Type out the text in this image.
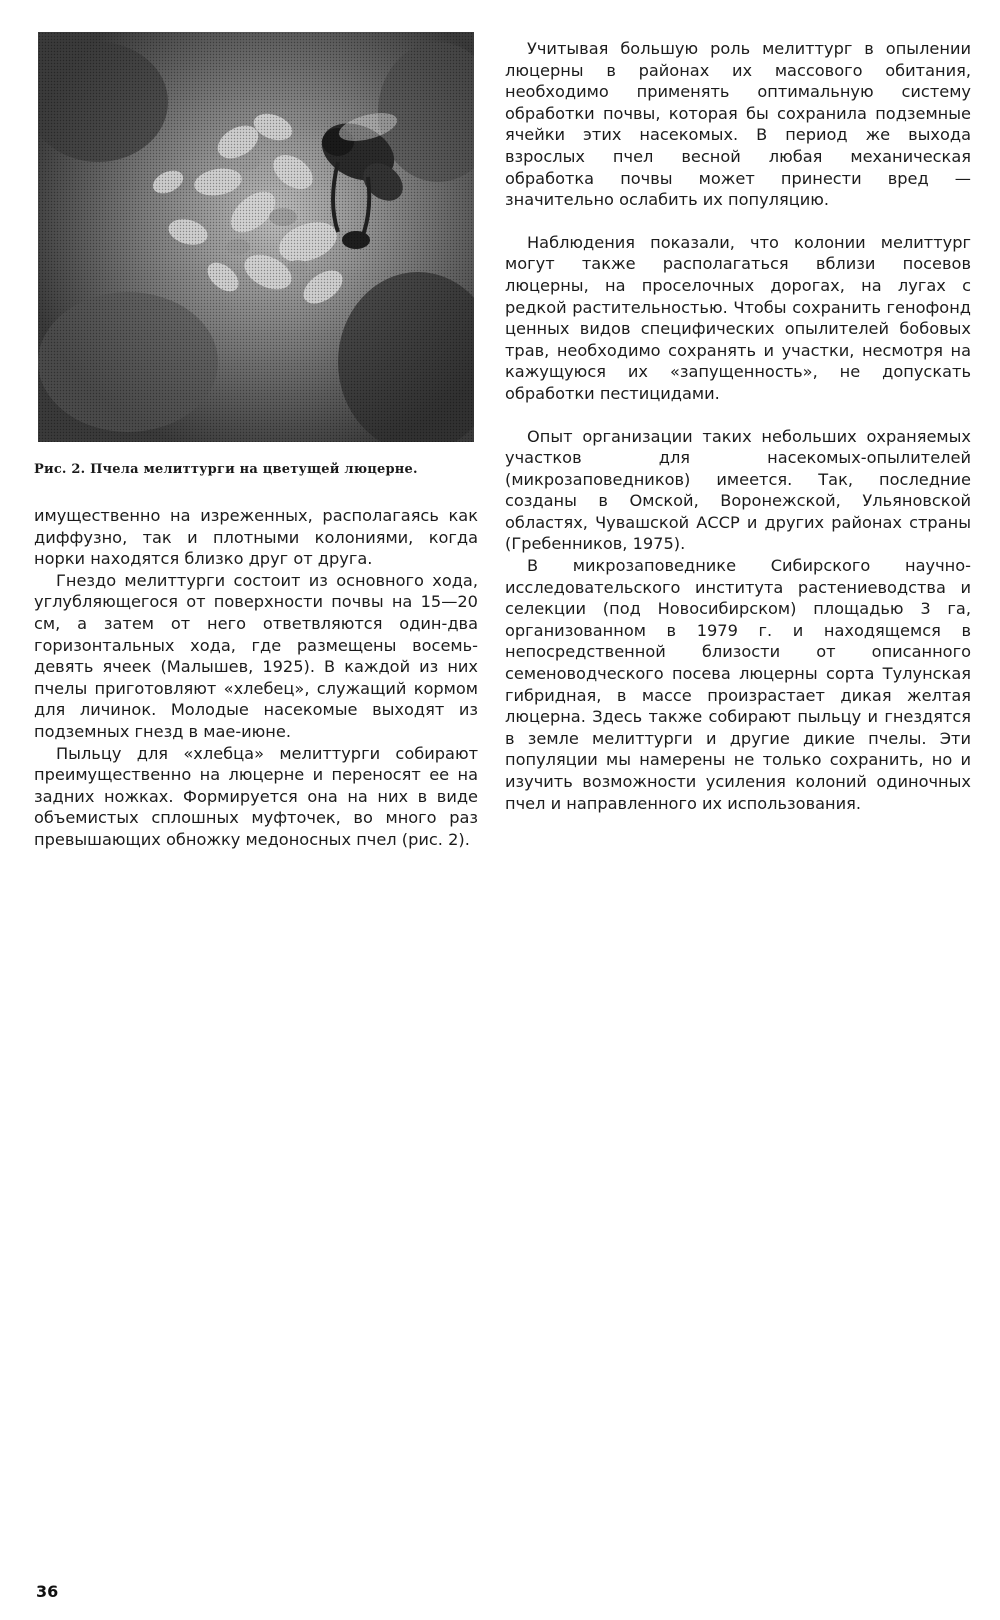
Рис. 2. Пчела мелиттурги на цветущей люцерне.

имущественно на изреженных, располагаясь как диффузно, так и плотными колониями, когда норки находятся близко друг от друга.

Гнездо мелиттурги состоит из основного хода, углубляющегося от поверхности почвы на 15—20 см, а затем от него ответвляются один-два горизонтальных хода, где размещены восемь-девять ячеек (Малышев, 1925). В каждой из них пчелы приготовляют «хлебец», служащий кормом для личинок. Молодые насекомые выходят из подземных гнезд в мае-июне.

Пыльцу для «хлебца» мелиттурги собирают преимущественно на люцерне и переносят ее на задних ножках. Формируется она на них в виде объемистых сплошных муфточек, во много раз превышающих обножку медоносных пчел (рис. 2).

Учитывая большую роль мелиттург в опылении люцерны в районах их массового обитания, необходимо применять оптимальную систему обработки почвы, которая бы сохранила подземные ячейки этих насекомых. В период же выхода взрослых пчел весной любая механическая обработка почвы может принести вред — значительно ослабить их популяцию.

Наблюдения показали, что колонии мелиттург могут также располагаться вблизи посевов люцерны, на проселочных дорогах, на лугах с редкой растительностью. Чтобы сохранить генофонд ценных видов специфических опылителей бобовых трав, необходимо сохранять и участки, несмотря на кажущуюся их «запущенность», не допускать обработки пестицидами.

Опыт организации таких небольших охраняемых участков для насекомых-опылителей (микрозаповедников) имеется. Так, последние созданы в Омской, Воронежской, Ульяновской областях, Чувашской АССР и других районах страны (Гребенников, 1975).

В микрозаповеднике Сибирского научно-исследовательского института растениеводства и селекции (под Новосибирском) площадью 3 га, организованном в 1979 г. и находящемся в непосредственной близости от описанного семеноводческого посева люцерны сорта Тулунская гибридная, в массе произрастает дикая желтая люцерна. Здесь также собирают пыльцу и гнездятся в земле мелиттурги и другие дикие пчелы. Эти популяции мы намерены не только сохранить, но и изучить возможности усиления колоний одиночных пчел и направленного их использования.

36
